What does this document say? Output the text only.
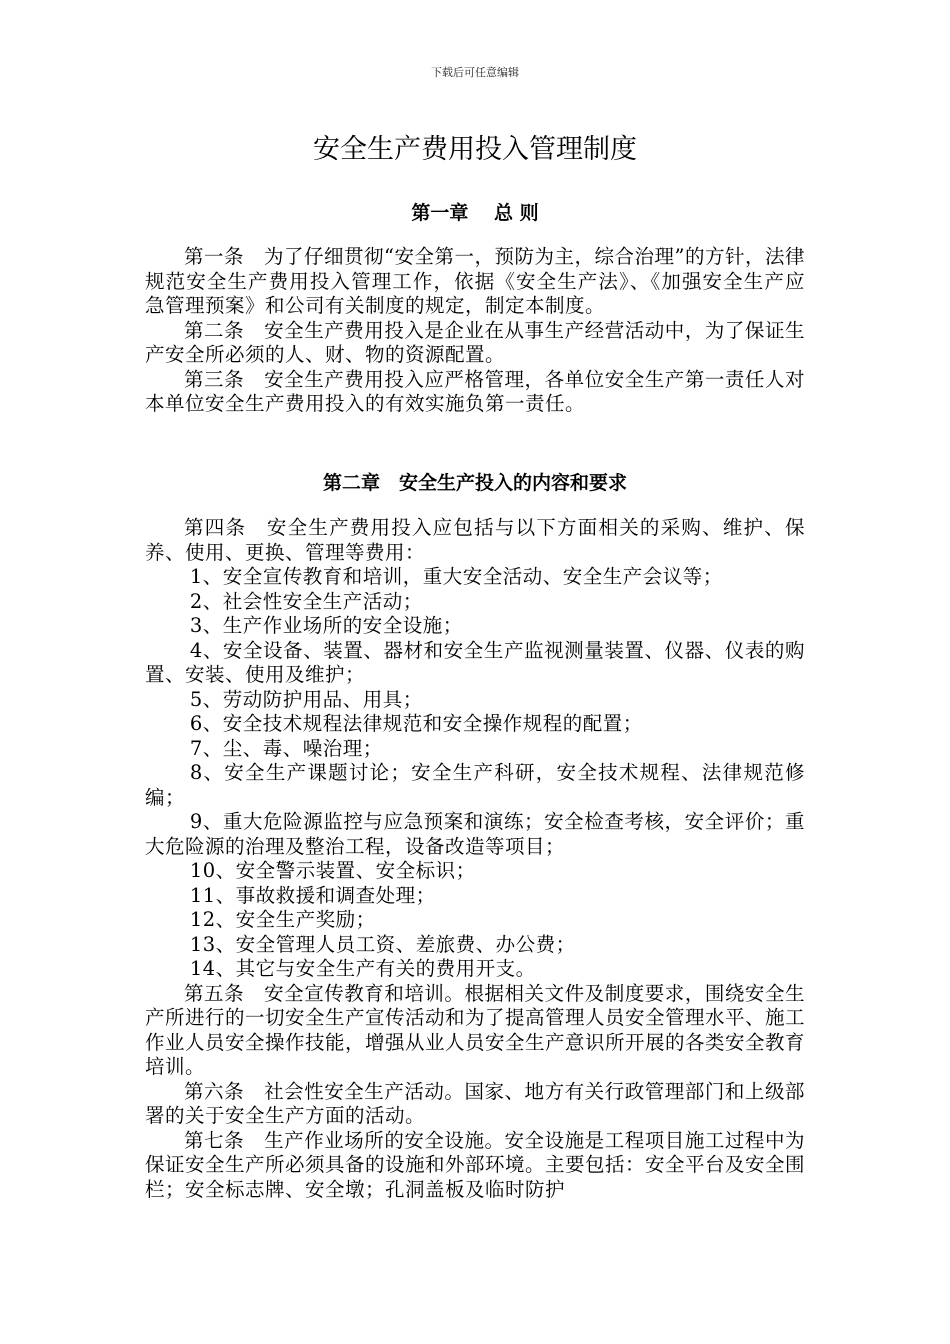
下载后可任意编辑
安全生产费用投入管理制度
第一章　 总 则

第一条　为了仔细贯彻“安全第一，预防为主，综合治理”的方针，法律规范安全生产费用投入管理工作，依据《安全生产法》、《加强安全生产应急管理预案》和公司有关制度的规定，制定本制度。

第二条　安全生产费用投入是企业在从事生产经营活动中，为了保证生产安全所必须的人、财、物的资源配置。

第三条　安全生产费用投入应严格管理，各单位安全生产第一责任人对本单位安全生产费用投入的有效实施负第一责任。

第二章　安全生产投入的内容和要求

第四条　安全生产费用投入应包括与以下方面相关的采购、维护、保养、使用、更换、管理等费用：

1、安全宣传教育和培训，重大安全活动、安全生产会议等；

2、社会性安全生产活动；

3、生产作业场所的安全设施；

4、安全设备、装置、器材和安全生产监视测量装置、仪器、仪表的购置、安装、使用及维护；

5、劳动防护用品、用具；

6、安全技术规程法律规范和安全操作规程的配置；

7、尘、毒、噪治理；

8、安全生产课题讨论；安全生产科研，安全技术规程、法律规范修编；

9、重大危险源监控与应急预案和演练；安全检查考核，安全评价；重大危险源的治理及整治工程，设备改造等项目；

10、安全警示装置、安全标识；

11、事故救援和调查处理；

12、安全生产奖励；

13、安全管理人员工资、差旅费、办公费；

14、其它与安全生产有关的费用开支。

第五条　安全宣传教育和培训。根据相关文件及制度要求，围绕安全生产所进行的一切安全生产宣传活动和为了提高管理人员安全管理水平、施工作业人员安全操作技能，增强从业人员安全生产意识所开展的各类安全教育培训。

第六条　社会性安全生产活动。国家、地方有关行政管理部门和上级部署的关于安全生产方面的活动。

第七条　生产作业场所的安全设施。安全设施是工程项目施工过程中为保证安全生产所必须具备的设施和外部环境。主要包括：安全平台及安全围栏；安全标志牌、安全墩；孔洞盖板及临时防护
